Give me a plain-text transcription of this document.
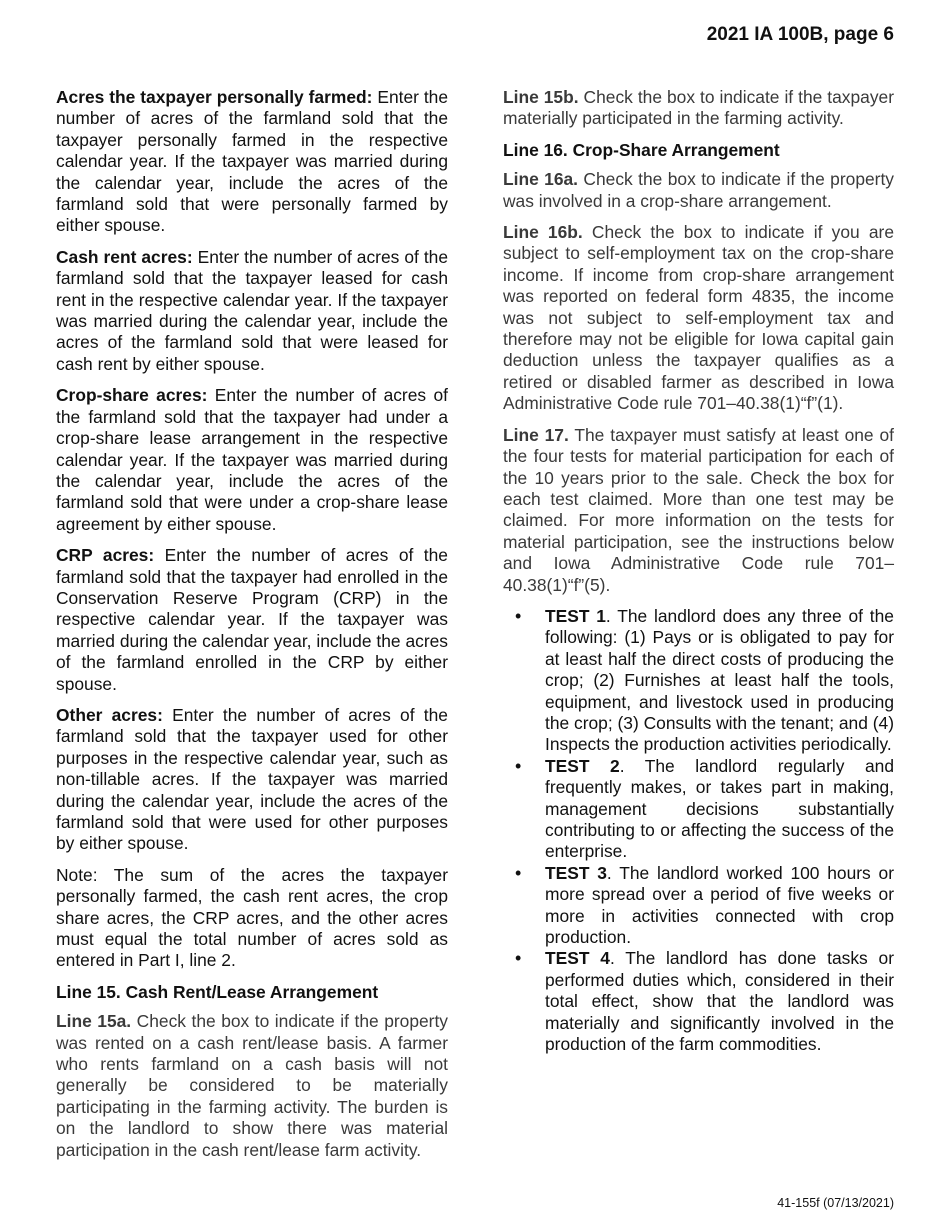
2021 IA 100B, page 6

Acres the taxpayer personally farmed: Enter the number of acres of the farmland sold that the taxpayer personally farmed in the respective calendar year. If the taxpayer was married during the calendar year, include the acres of the farmland sold that were personally farmed by either spouse.

Cash rent acres: Enter the number of acres of the farmland sold that the taxpayer leased for cash rent in the respective calendar year. If the taxpayer was married during the calendar year, include the acres of the farmland sold that were leased for cash rent by either spouse.

Crop-share acres: Enter the number of acres of the farmland sold that the taxpayer had under a crop-share lease arrangement in the respective calendar year. If the taxpayer was married during the calendar year, include the acres of the farmland sold that were under a crop-share lease agreement by either spouse.

CRP acres: Enter the number of acres of the farmland sold that the taxpayer had enrolled in the Conservation Reserve Program (CRP) in the respective calendar year. If the taxpayer was married during the calendar year, include the acres of the farmland enrolled in the CRP by either spouse.

Other acres: Enter the number of acres of the farmland sold that the taxpayer used for other purposes in the respective calendar year, such as non-tillable acres. If the taxpayer was married during the calendar year, include the acres of the farmland sold that were used for other purposes by either spouse.

Note: The sum of the acres the taxpayer personally farmed, the cash rent acres, the crop share acres, the CRP acres, and the other acres must equal the total number of acres sold as entered in Part I, line 2.

Line 15. Cash Rent/Lease Arrangement

Line 15a. Check the box to indicate if the property was rented on a cash rent/lease basis. A farmer who rents farmland on a cash basis will not generally be considered to be materially participating in the farming activity. The burden is on the landlord to show there was material participation in the cash rent/lease farm activity.

Line 15b. Check the box to indicate if the taxpayer materially participated in the farming activity.

Line 16. Crop-Share Arrangement

Line 16a. Check the box to indicate if the property was involved in a crop-share arrangement.

Line 16b. Check the box to indicate if you are subject to self-employment tax on the crop-share income. If income from crop-share arrangement was reported on federal form 4835, the income was not subject to self-employment tax and therefore may not be eligible for Iowa capital gain deduction unless the taxpayer qualifies as a retired or disabled farmer as described in Iowa Administrative Code rule 701–40.38(1)“f”(1).

Line 17. The taxpayer must satisfy at least one of the four tests for material participation for each of the 10 years prior to the sale. Check the box for each test claimed. More than one test may be claimed. For more information on the tests for material participation, see the instructions below and Iowa Administrative Code rule 701–40.38(1)“f”(5).

• TEST 1. The landlord does any three of the following: (1) Pays or is obligated to pay for at least half the direct costs of producing the crop; (2) Furnishes at least half the tools, equipment, and livestock used in producing the crop; (3) Consults with the tenant; and (4) Inspects the production activities periodically.
• TEST 2. The landlord regularly and frequently makes, or takes part in making, management decisions substantially contributing to or affecting the success of the enterprise.
• TEST 3. The landlord worked 100 hours or more spread over a period of five weeks or more in activities connected with crop production.
• TEST 4. The landlord has done tasks or performed duties which, considered in their total effect, show that the landlord was materially and significantly involved in the production of the farm commodities.
41-155f (07/13/2021)
